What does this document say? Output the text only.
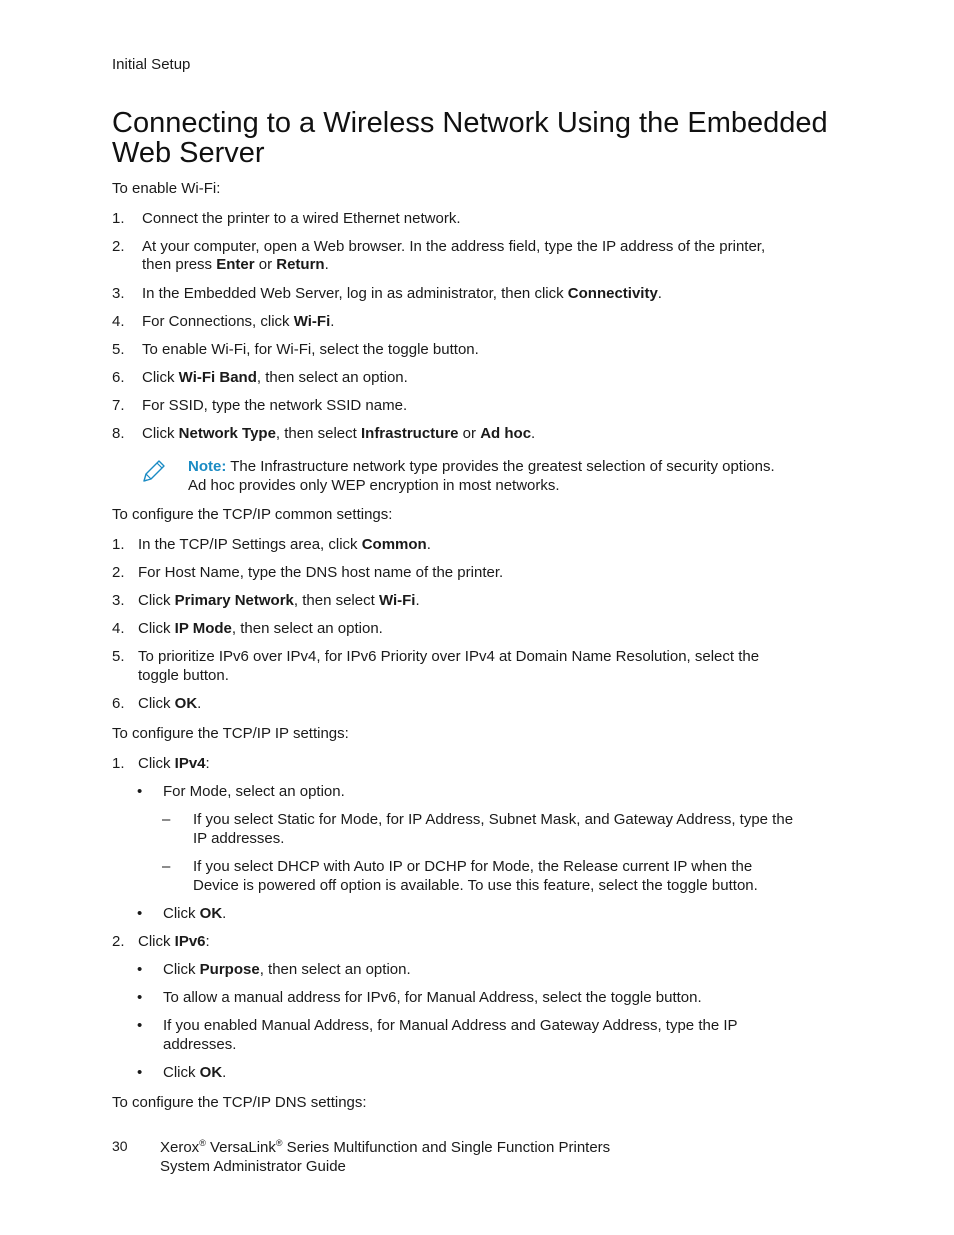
Initial Setup
Connecting to a Wireless Network Using the Embedded Web Server
To enable Wi-Fi:
1. Connect the printer to a wired Ethernet network.
2. At your computer, open a Web browser. In the address field, type the IP address of the printer,
then press Enter or Return.
3. In the Embedded Web Server, log in as administrator, then click Connectivity.
4. For Connections, click Wi-Fi.
5. To enable Wi-Fi, for Wi-Fi, select the toggle button.
6. Click Wi-Fi Band, then select an option.
7. For SSID, type the network SSID name.
8. Click Network Type, then select Infrastructure or Ad hoc.
Note: The Infrastructure network type provides the greatest selection of security options.
Ad hoc provides only WEP encryption in most networks.
To configure the TCP/IP common settings:
1. In the TCP/IP Settings area, click Common.
2. For Host Name, type the DNS host name of the printer.
3. Click Primary Network, then select Wi-Fi.
4. Click IP Mode, then select an option.
5. To prioritize IPv6 over IPv4, for IPv6 Priority over IPv4 at Domain Name Resolution, select the
toggle button.
6. Click OK.
To configure the TCP/IP IP settings:
1. Click IPv4:
• For Mode, select an option.
– If you select Static for Mode, for IP Address, Subnet Mask, and Gateway Address, type the
IP addresses.
– If you select DHCP with Auto IP or DCHP for Mode, the Release current IP when the
Device is powered off option is available. To use this feature, select the toggle button.
• Click OK.
2. Click IPv6:
• Click Purpose, then select an option.
• To allow a manual address for IPv6, for Manual Address, select the toggle button.
• If you enabled Manual Address, for Manual Address and Gateway Address, type the IP
addresses.
• Click OK.
To configure the TCP/IP DNS settings:
30 Xerox® VersaLink® Series Multifunction and Single Function Printers
System Administrator Guide
